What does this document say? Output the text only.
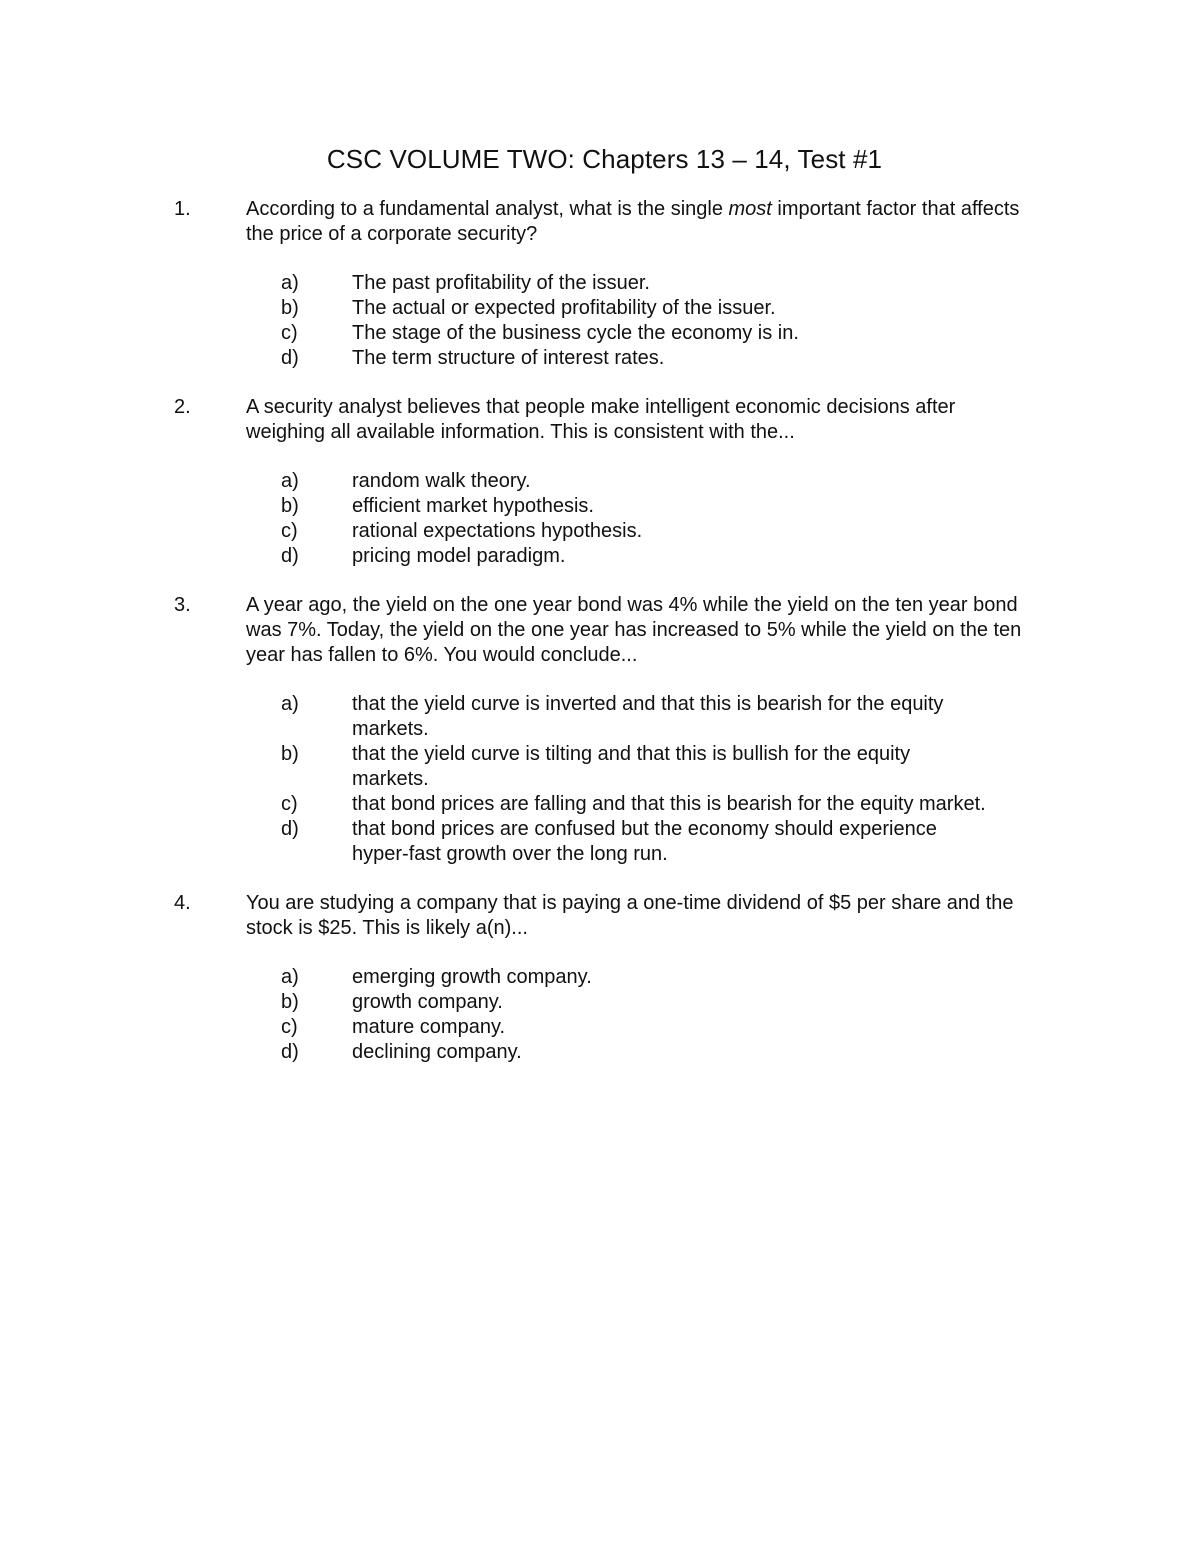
CSC VOLUME TWO: Chapters 13 – 14, Test #1
1.	According to a fundamental analyst, what is the single most important factor that affects the price of a corporate security?
a)	The past profitability of the issuer.
b)	The actual or expected profitability of the issuer.
c)	The stage of the business cycle the economy is in.
d)	The term structure of interest rates.
2.	A security analyst believes that people make intelligent economic decisions after weighing all available information. This is consistent with the...
a)	random walk theory.
b)	efficient market hypothesis.
c)	rational expectations hypothesis.
d)	pricing model paradigm.
3.	A year ago, the yield on the one year bond was 4% while the yield on the ten year bond was 7%. Today, the yield on the one year has increased to 5% while the yield on the ten year has fallen to 6%. You would conclude...
a)	that the yield curve is inverted and that this is bearish for the equity markets.
b)	that the yield curve is tilting and that this is bullish for the equity markets.
c)	that bond prices are falling and that this is bearish for the equity market.
d)	that bond prices are confused but the economy should experience hyper-fast growth over the long run.
4.	You are studying a company that is paying a one-time dividend of $5 per share and the stock is $25. This is likely a(n)...
a)	emerging growth company.
b)	growth company.
c)	mature company.
d)	declining company.
